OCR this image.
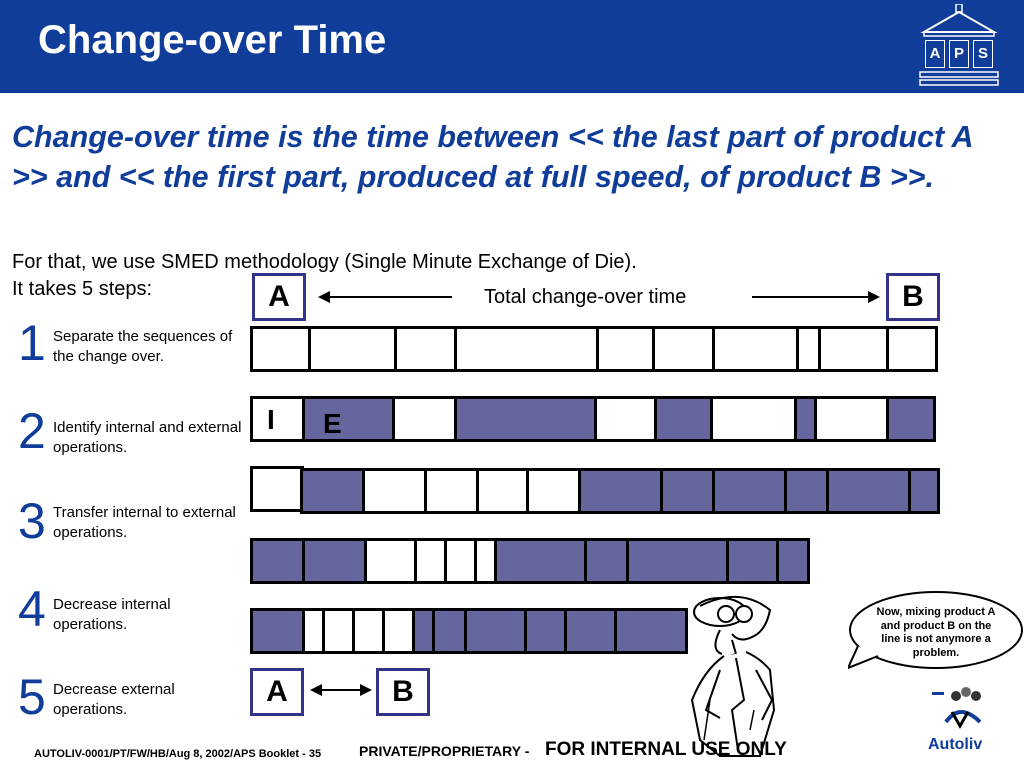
Change-over Time	A P S
Change-over time is the time between << the last part of product A >> and << the first part, produced at full speed, of product B >>.
For that, we use SMED methodology (Single Minute Exchange of Die).
It takes 5 steps:	A	B
Total change-over time
1 Separate the sequences of the change over.
2 Identify internal and external operations.
3 Transfer internal to external operations.
4 Decrease internal operations.
5 Decrease external operations.
I E
A	B
Now, mixing product A and product B on the line is not anymore a problem.
AUTOLIV-0001/PT/FW/HB/Aug 8, 2002/APS Booklet - 35	PRIVATE/PROPRIETARY - FOR INTERNAL USE ONLY	Autoliv
